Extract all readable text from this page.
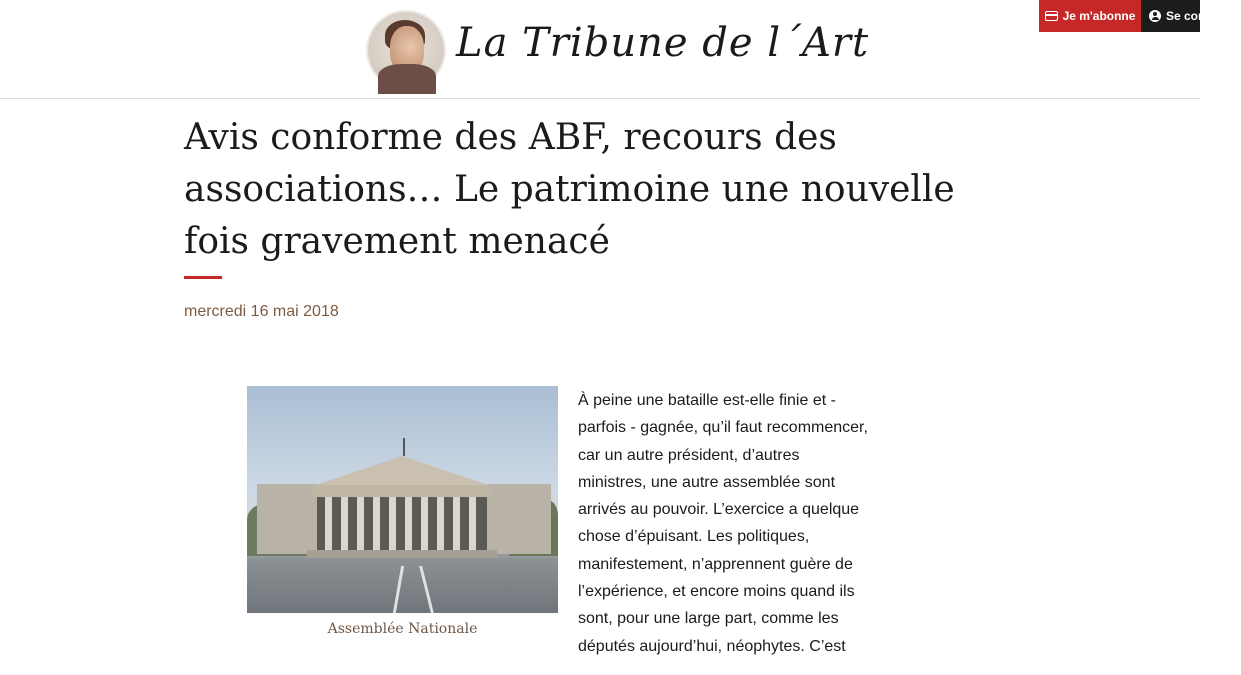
La Tribune de l´Art
Je m'abonne	Se connecter
Avis conforme des ABF, recours des associations… Le patrimoine une nouvelle fois gravement menacé
mercredi 16 mai 2018
Assemblée Nationale

À peine une bataille est-elle finie et -
parfois - gagnée, qu’il faut recommencer,
car un autre président, d’autres
ministres, une autre assemblée sont
arrivés au pouvoir. L’exercice a quelque
chose d’épuisant. Les politiques,
manifestement, n’apprennent guère de
l’expérience, et encore moins quand ils
sont, pour une large part, comme les
députés aujourd’hui, néophytes. C’est
